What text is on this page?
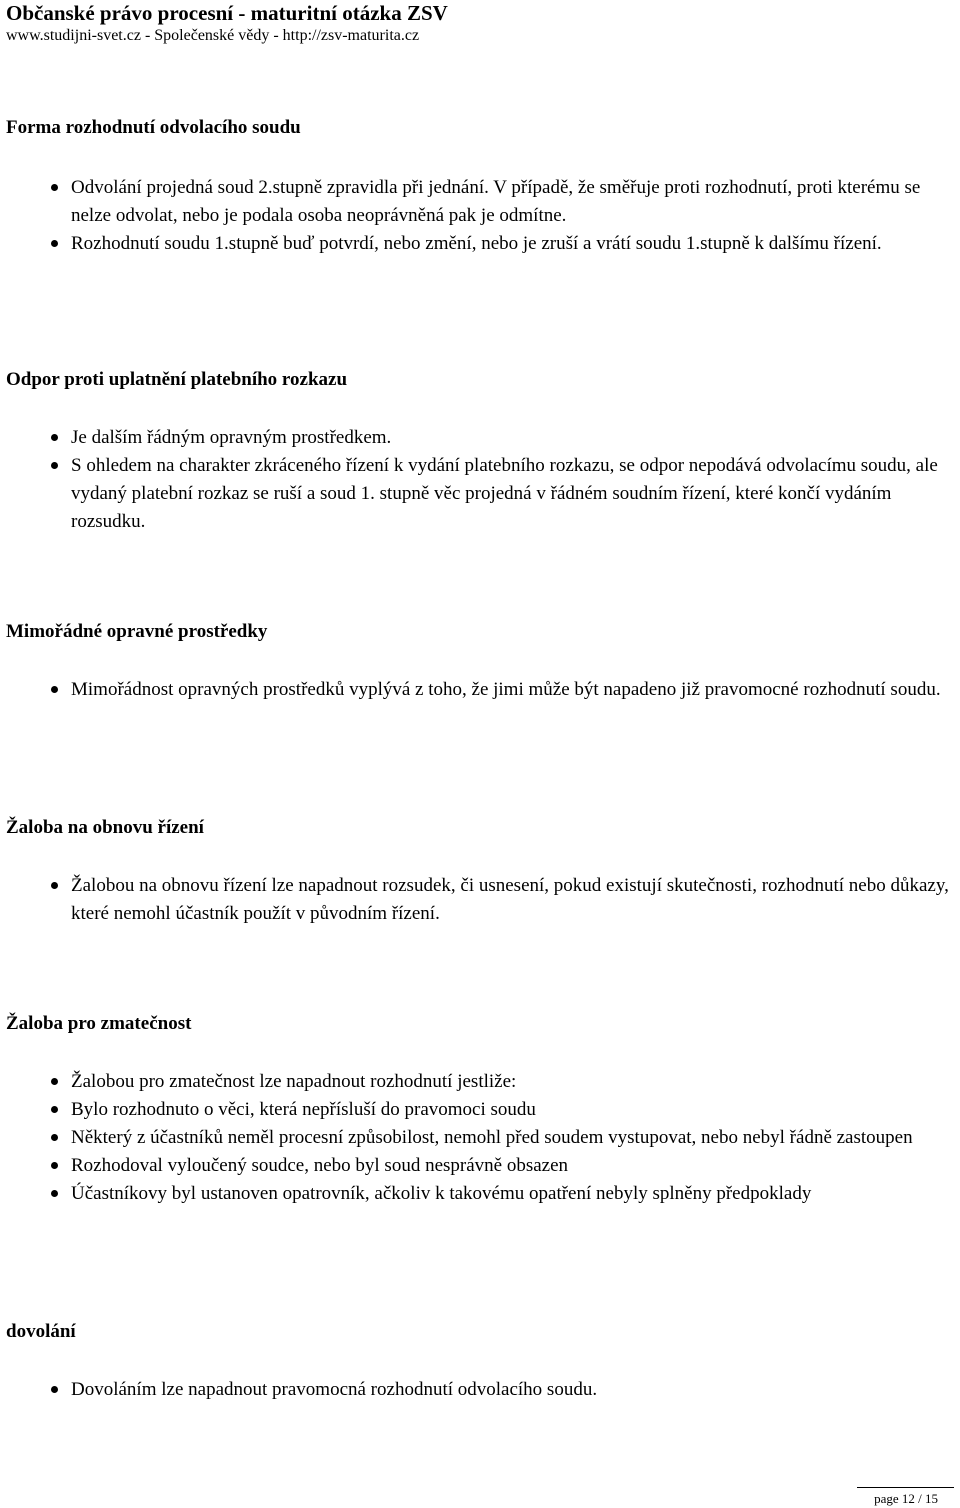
Občanské právo procesní - maturitní otázka ZSV

www.studijni-svet.cz - Společenské vědy - http://zsv-maturita.cz

Forma rozhodnutí odvolacího soudu

Odvolání projedná soud 2.stupně zpravidla při jednání. V případě, že směřuje proti rozhodnutí, proti kterému se nelze odvolat, nebo je podala osoba neoprávněná pak je odmítne.
Rozhodnutí soudu 1.stupně buď potvrdí, nebo změní, nebo je zruší a vrátí soudu 1.stupně k dalšímu řízení.

Odpor proti uplatnění platebního rozkazu

Je dalším řádným opravným prostředkem.
S ohledem na charakter zkráceného řízení k vydání platebního rozkazu, se odpor nepodává odvolacímu soudu, ale vydaný platební rozkaz se ruší a soud 1. stupně věc projedná v řádném soudním řízení, které končí vydáním rozsudku.

Mimořádné opravné prostředky

Mimořádnost opravných prostředků vyplývá z toho, že jimi může být napadeno již pravomocné rozhodnutí soudu.

Žaloba na obnovu řízení

Žalobou na obnovu řízení lze napadnout rozsudek, či usnesení, pokud existují skutečnosti, rozhodnutí nebo důkazy, které nemohl účastník použít v původním řízení.

Žaloba pro zmatečnost

Žalobou pro zmatečnost lze napadnout rozhodnutí jestliže:
Bylo rozhodnuto o věci, která nepřísluší do pravomoci soudu
Některý z účastníků neměl procesní způsobilost, nemohl před soudem vystupovat, nebo nebyl řádně zastoupen
Rozhodoval vyloučený soudce, nebo byl soud nesprávně obsazen
Účastníkovy byl ustanoven opatrovník, ačkoliv k takovému opatření nebyly splněny předpoklady

dovolání

Dovoláním lze napadnout pravomocná rozhodnutí odvolacího soudu.
page 12 / 15
